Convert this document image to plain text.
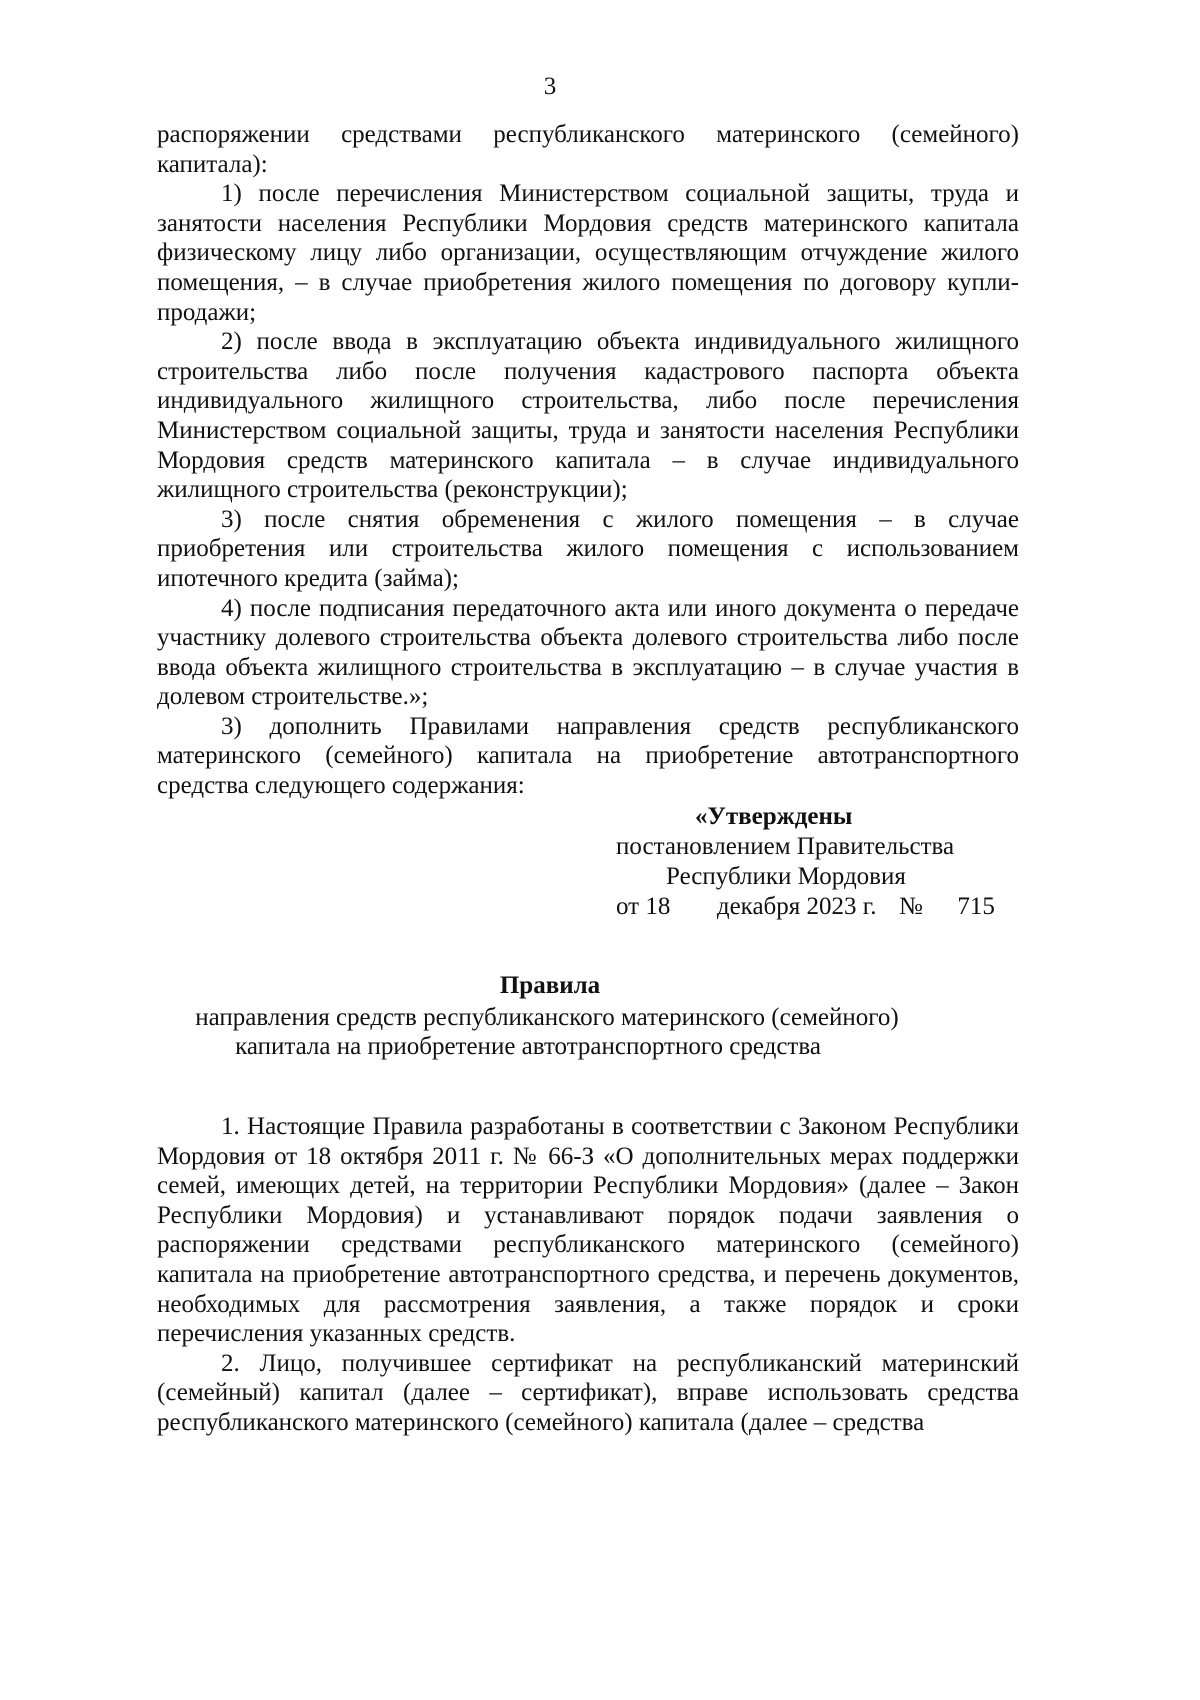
3

распоряжении средствами республиканского материнского (семейного) капитала):

1) после перечисления Министерством социальной защиты, труда и занятости населения Республики Мордовия средств материнского капитала физическому лицу либо организации, осуществляющим отчуждение жилого помещения, – в случае приобретения жилого помещения по договору купли-продажи;

2) после ввода в эксплуатацию объекта индивидуального жилищного строительства либо после получения кадастрового паспорта объекта индивидуального жилищного строительства, либо после перечисления Министерством социальной защиты, труда и занятости населения Республики Мордовия средств материнского капитала – в случае индивидуального жилищного строительства (реконструкции);

3) после снятия обременения с жилого помещения – в случае приобретения или строительства жилого помещения с использованием ипотечного кредита (займа);

4) после подписания передаточного акта или иного документа о передаче участнику долевого строительства объекта долевого строительства либо после ввода объекта жилищного строительства в эксплуатацию – в случае участия в долевом строительстве.»;

3) дополнить Правилами направления средств республиканского материнского (семейного) капитала на приобретение автотранспортного средства следующего содержания:

«Утверждены
постановлением Правительства
Республики Мордовия
от 18 декабря 2023 г. № 715
Правила
направления средств республиканского материнского (семейного)
капитала на приобретение автотранспортного средства

1. Настоящие Правила разработаны в соответствии с Законом Республики Мордовия от 18 октября 2011 г. № 66-З «О дополнительных мерах поддержки семей, имеющих детей, на территории Республики Мордовия» (далее – Закон Республики Мордовия) и устанавливают порядок подачи заявления о распоряжении средствами республиканского материнского (семейного) капитала на приобретение автотранспортного средства, и перечень документов, необходимых для рассмотрения заявления, а также порядок и сроки перечисления указанных средств.

2. Лицо, получившее сертификат на республиканский материнский (семейный) капитал (далее – сертификат), вправе использовать средства республиканского материнского (семейного) капитала (далее – средства
